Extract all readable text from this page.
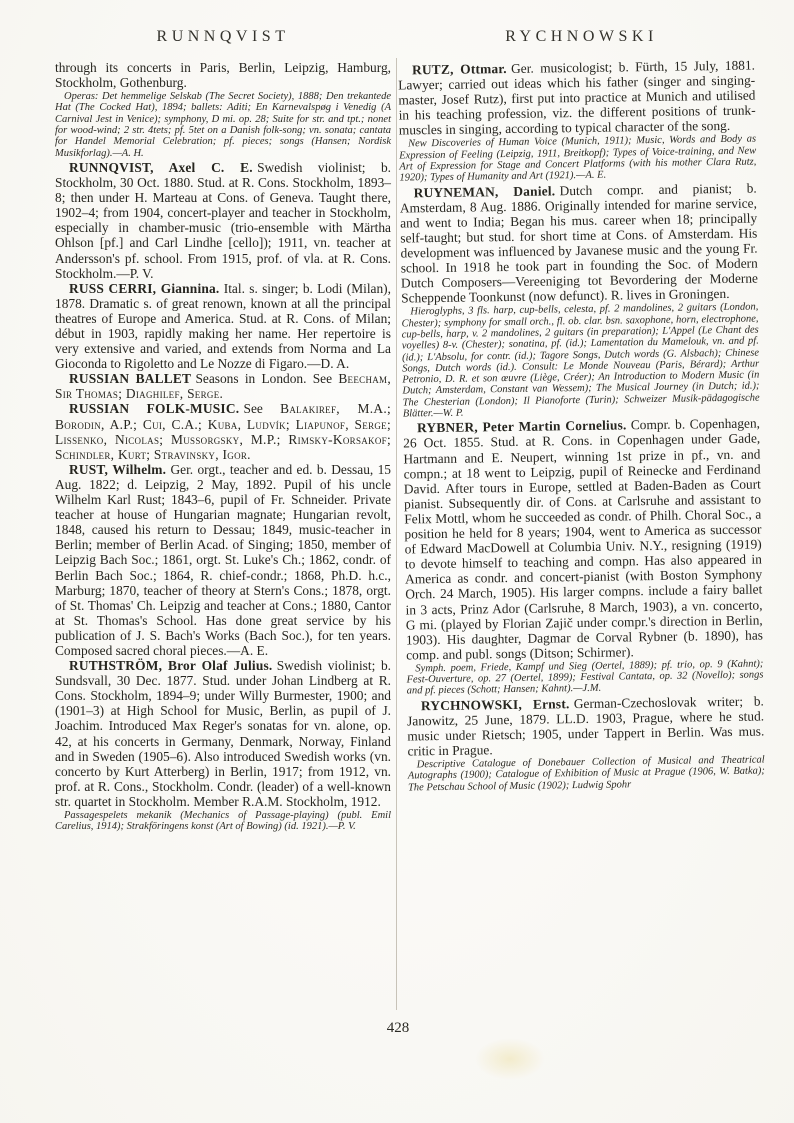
RUNNQVIST	RYCHNOWSKI

through its concerts in Paris, Berlin, Leipzig, Hamburg, Stockholm, Gothenburg.

Operas: Det hemmelige Selskab (The Secret Society), 1888; Den trekantede Hat (The Cocked Hat), 1894; ballets: Aditi; En Karnevalspøg i Venedig (A Carnival Jest in Venice); symphony, D mi. op. 28; Suite for str. and tpt.; nonet for wood-wind; 2 str. 4tets; pf. 5tet on a Danish folk-song; vn. sonata; cantata for Handel Memorial Celebration; pf. pieces; songs (Hansen; Nordisk Musikforlag).—A. H.

RUNNQVIST, Axel C. E. Swedish violinist; b. Stockholm, 30 Oct. 1880. Stud. at R. Cons. Stockholm, 1893–8; then under H. Marteau at Cons. of Geneva. Taught there, 1902–4; from 1904, concert-player and teacher in Stockholm, especially in chamber-music (trio-ensemble with Märtha Ohlson [pf.] and Carl Lindhe [cello]); 1911, vn. teacher at Andersson's pf. school. From 1915, prof. of vla. at R. Cons. Stockholm.—P. V.

RUSS CERRI, Giannina. Ital. s. singer; b. Lodi (Milan), 1878. Dramatic s. of great renown, known at all the principal theatres of Europe and America. Stud. at R. Cons. of Milan; début in 1903, rapidly making her name. Her repertoire is very extensive and varied, and extends from Norma and La Gioconda to Rigoletto and Le Nozze di Figaro.—D. A.

RUSSIAN BALLET Seasons in London. See Beecham, Sir Thomas; Diaghilef, Serge.

RUSSIAN FOLK-MUSIC. See Balakiref, M.A.; Borodin, A.P.; Cui, C.A.; Kuba, Ludvík; Liapunof, Serge; Lissenko, Nicolas; Mussorgsky, M.P.; Rimsky-Korsakof; Schindler, Kurt; Stravinsky, Igor.

RUST, Wilhelm. Ger. orgt., teacher and ed. b. Dessau, 15 Aug. 1822; d. Leipzig, 2 May, 1892. Pupil of his uncle Wilhelm Karl Rust; 1843–6, pupil of Fr. Schneider. Private teacher at house of Hungarian magnate; Hungarian revolt, 1848, caused his return to Dessau; 1849, music-teacher in Berlin; member of Berlin Acad. of Singing; 1850, member of Leipzig Bach Soc.; 1861, orgt. St. Luke's Ch.; 1862, condr. of Berlin Bach Soc.; 1864, R. chief-condr.; 1868, Ph.D. h.c., Marburg; 1870, teacher of theory at Stern's Cons.; 1878, orgt. of St. Thomas' Ch. Leipzig and teacher at Cons.; 1880, Cantor at St. Thomas's School. Has done great service by his publication of J. S. Bach's Works (Bach Soc.), for ten years. Composed sacred choral pieces.—A. E.

RUTHSTRÖM, Bror Olaf Julius. Swedish violinist; b. Sundsvall, 30 Dec. 1877. Stud. under Johan Lindberg at R. Cons. Stockholm, 1894–9; under Willy Burmester, 1900; and (1901–3) at High School for Music, Berlin, as pupil of J. Joachim. Introduced Max Reger's sonatas for vn. alone, op. 42, at his concerts in Germany, Denmark, Norway, Finland and in Sweden (1905–6). Also introduced Swedish works (vn. concerto by Kurt Atterberg) in Berlin, 1917; from 1912, vn. prof. at R. Cons., Stockholm. Condr. (leader) of a well-known str. quartet in Stockholm. Member R.A.M. Stockholm, 1912.

Passagespelets mekanik (Mechanics of Passage-playing) (publ. Emil Carelius, 1914); Strakföringens konst (Art of Bowing) (id. 1921).—P. V.

RUTZ, Ottmar. Ger. musicologist; b. Fürth, 15 July, 1881. Lawyer; carried out ideas which his father (singer and singing-master, Josef Rutz), first put into practice at Munich and utilised in his teaching profession, viz. the different positions of trunk-muscles in singing, according to typical character of the song.

New Discoveries of Human Voice (Munich, 1911); Music, Words and Body as Expression of Feeling (Leipzig, 1911, Breitkopf); Types of Voice-training, and New Art of Expression for Stage and Concert Platforms (with his mother Clara Rutz, 1920); Types of Humanity and Art (1921).—A. E.

RUYNEMAN, Daniel. Dutch compr. and pianist; b. Amsterdam, 8 Aug. 1886. Originally intended for marine service, and went to India; Began his mus. career when 18; principally self-taught; but stud. for short time at Cons. of Amsterdam. His development was influenced by Javanese music and the young Fr. school. In 1918 he took part in founding the Soc. of Modern Dutch Composers—Vereeniging tot Bevordering der Moderne Scheppende Toonkunst (now defunct). R. lives in Groningen.

Hieroglyphs, 3 fls. harp, cup-bells, celesta, pf. 2 mandolines, 2 guitars (London, Chester); symphony for small orch., fl. ob. clar. bsn. saxophone, horn, electrophone, cup-bells, harp, v. 2 mandolines, 2 guitars (in preparation); L'Appel (Le Chant des voyelles) 8-v. (Chester); sonatina, pf. (id.); Lamentation du Mamelouk, vn. and pf. (id.); L'Absolu, for contr. (id.); Tagore Songs, Dutch words (G. Alsbach); Chinese Songs, Dutch words (id.). Consult: Le Monde Nouveau (Paris, Bérard); Arthur Petronio, D. R. et son œuvre (Liège, Créer); An Introduction to Modern Music (in Dutch; Amsterdam, Constant van Wessem); The Musical Journey (in Dutch; id.); The Chesterian (London); Il Pianoforte (Turin); Schweizer Musik-pädagogische Blätter.—W. P.

RYBNER, Peter Martin Cornelius. Compr. b. Copenhagen, 26 Oct. 1855. Stud. at R. Cons. in Copenhagen under Gade, Hartmann and E. Neupert, winning 1st prize in pf., vn. and compn.; at 18 went to Leipzig, pupil of Reinecke and Ferdinand David. After tours in Europe, settled at Baden-Baden as Court pianist. Subsequently dir. of Cons. at Carlsruhe and assistant to Felix Mottl, whom he succeeded as condr. of Philh. Choral Soc., a position he held for 8 years; 1904, went to America as successor of Edward MacDowell at Columbia Univ. N.Y., resigning (1919) to devote himself to teaching and compn. Has also appeared in America as condr. and concert-pianist (with Boston Symphony Orch. 24 March, 1905). His larger compns. include a fairy ballet in 3 acts, Prinz Ador (Carlsruhe, 8 March, 1903), a vn. concerto, G mi. (played by Florian Zajič under compr.'s direction in Berlin, 1903). His daughter, Dagmar de Corval Rybner (b. 1890), has comp. and publ. songs (Ditson; Schirmer).

Symph. poem, Friede, Kampf und Sieg (Oertel, 1889); pf. trio, op. 9 (Kahnt); Fest-Ouverture, op. 27 (Oertel, 1899); Festival Cantata, op. 32 (Novello); songs and pf. pieces (Schott; Hansen; Kahnt).—J.M.

RYCHNOWSKI, Ernst. German-Czechoslovak writer; b. Janowitz, 25 June, 1879. LL.D. 1903, Prague, where he stud. music under Rietsch; 1905, under Tappert in Berlin. Was mus. critic in Prague.

Descriptive Catalogue of Donebauer Collection of Musical and Theatrical Autographs (1900); Catalogue of Exhibition of Music at Prague (1906, W. Batka); The Petschau School of Music (1902); Ludwig Spohr

428
